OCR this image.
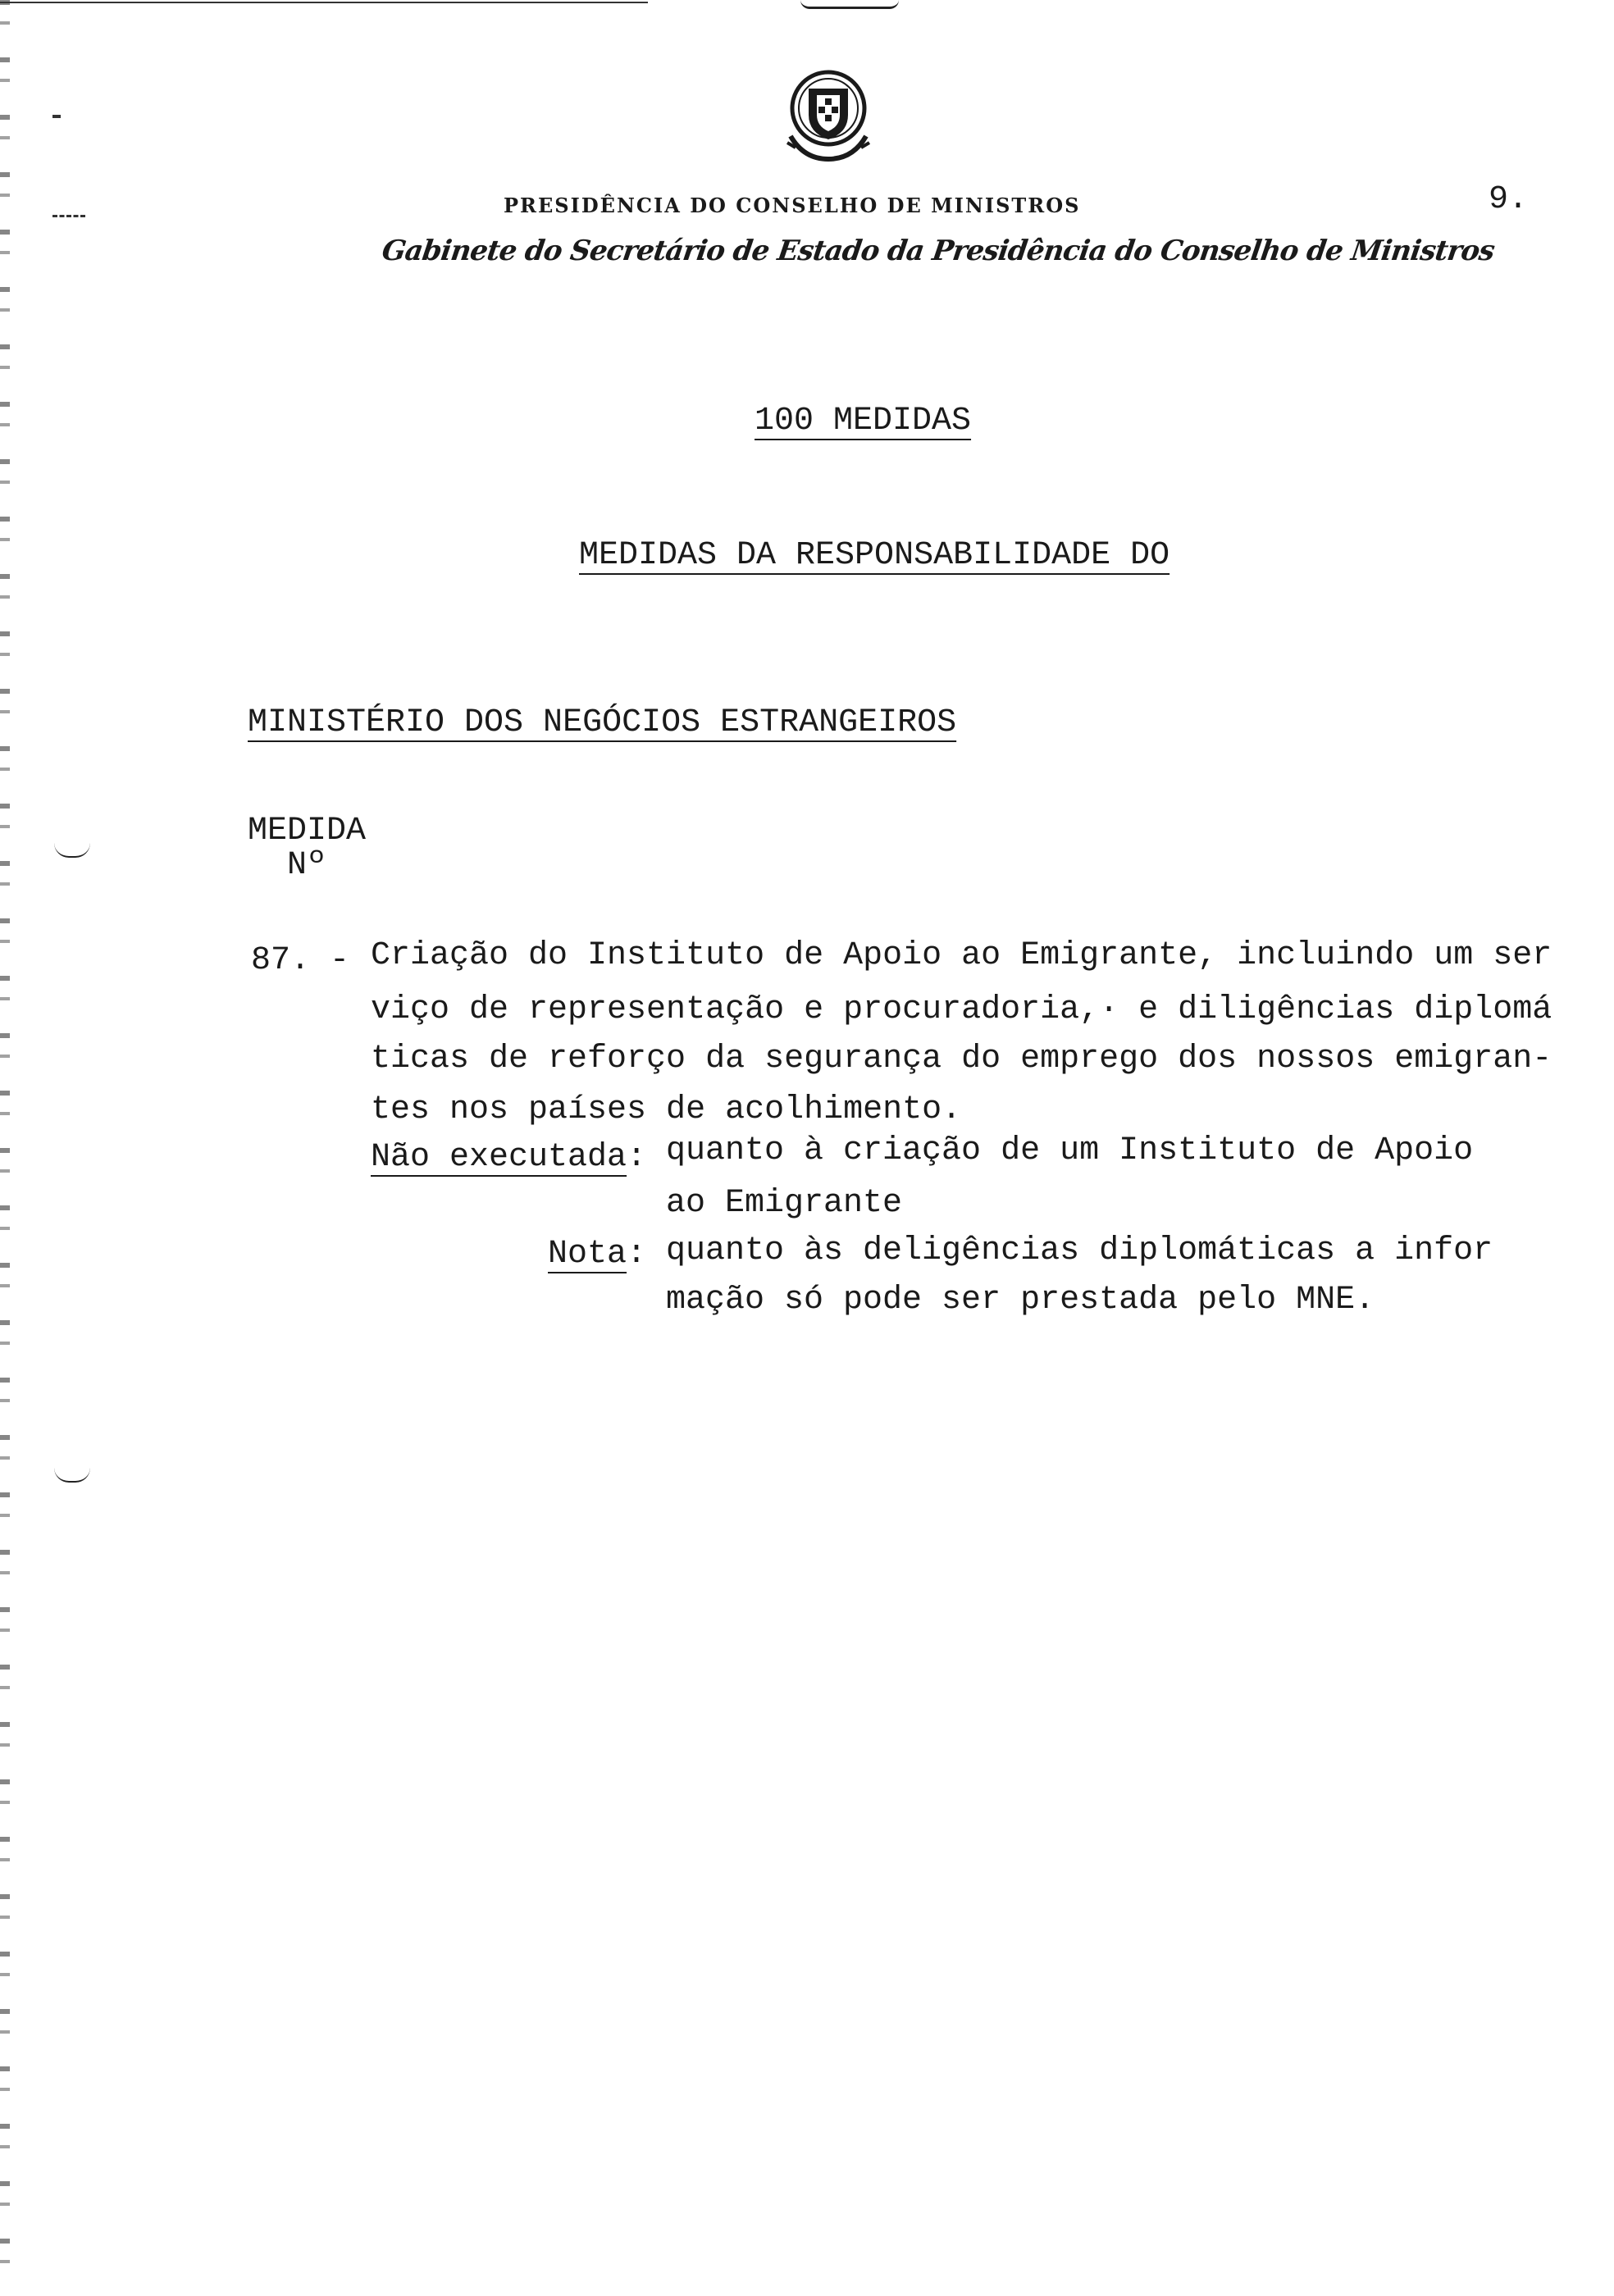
PRESIDÊNCIA DO CONSELHO DE MINISTROS	9.
Gabinete do Secretário de Estado da Presidência do Conselho de Ministros
100 MEDIDAS
MEDIDAS DA RESPONSABILIDADE DO
MINISTÉRIO DOS NEGÓCIOS ESTRANGEIROS
MEDIDA
Nº
87. - Criação do Instituto de Apoio ao Emigrante, incluindo um ser
viço de representação e procuradoria,· e diligências diplomá
ticas de reforço da segurança do emprego dos nossos emigran-
tes nos países de acolhimento.
Não executada: quanto à criação de um Instituto de Apoio
ao Emigrante
Nota: quanto às deligências diplomáticas a infor
mação só pode ser prestada pelo MNE.
